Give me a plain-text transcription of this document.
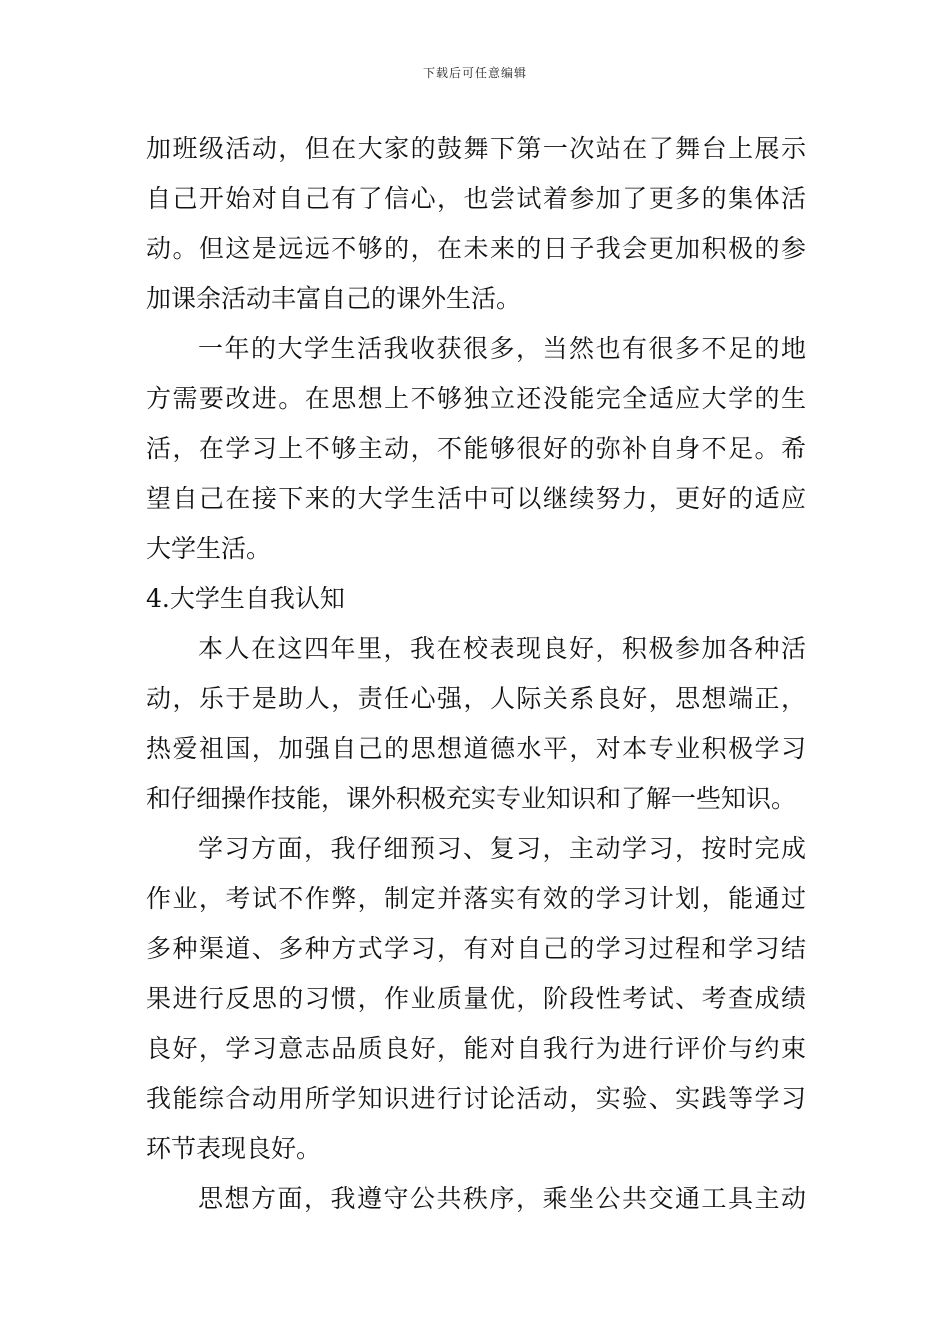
下载后可任意编辑
加班级活动，但在大家的鼓舞下第一次站在了舞台上展示
自己开始对自己有了信心，也尝试着参加了更多的集体活
动。但这是远远不够的，在未来的日子我会更加积极的参
加课余活动丰富自己的课外生活。
一年的大学生活我收获很多，当然也有很多不足的地
方需要改进。在思想上不够独立还没能完全适应大学的生
活，在学习上不够主动，不能够很好的弥补自身不足。希
望自己在接下来的大学生活中可以继续努力，更好的适应
大学生活。
4.大学生自我认知
本人在这四年里，我在校表现良好，积极参加各种活
动，乐于是助人，责任心强，人际关系良好，思想端正，
热爱祖国，加强自己的思想道德水平，对本专业积极学习
和仔细操作技能，课外积极充实专业知识和了解一些知识。
学习方面，我仔细预习、复习，主动学习，按时完成
作业，考试不作弊，制定并落实有效的学习计划，能通过
多种渠道、多种方式学习，有对自己的学习过程和学习结
果进行反思的习惯，作业质量优，阶段性考试、考查成绩
良好，学习意志品质良好，能对自我行为进行评价与约束
我能综合动用所学知识进行讨论活动，实验、实践等学习
环节表现良好。
思想方面，我遵守公共秩序，乘坐公共交通工具主动
